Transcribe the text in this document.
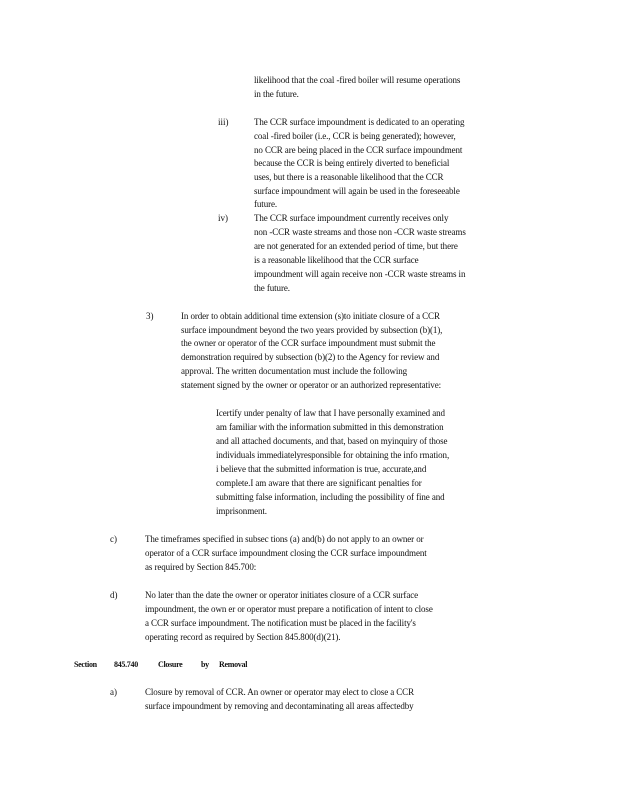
likelihood that the coal -fired boiler will resume operations
in the future.
iii)	The CCR surface impoundment is dedicated to an operating
coal -fired boiler (i.e., CCR is being generated); however,
no CCR are being placed in the CCR surface impoundment
because the CCR is being entirely diverted to beneficial
uses, but there is a reasonable likelihood that the CCR
surface impoundment will again be used in the foreseeable
future.
iv)	The CCR surface impoundment currently receives only
non -CCR waste streams and those non -CCR waste streams
are not generated for an extended period of time, but there
is a reasonable likelihood that the CCR surface
impoundment will again receive non -CCR waste streams in
the future.
3)	In order to obtain additional time extension (s)to initiate closure of a CCR
surface impoundment beyond the two years provided by subsection (b)(1),
the owner or operator of the CCR surface impoundment must submit the
demonstration required by subsection (b)(2) to the Agency for review and
approval. The written documentation must include the following
statement signed by the owner or operator or an authorized representative:
Icertify under penalty of law that I have personally examined and
am familiar with the information submitted in this demonstration
and all attached documents, and that, based on myinquiry of those
individuals immediatelyresponsible for obtaining the info rmation,
i believe that the submitted information is true, accurate,and
complete.I am aware that there are significant penalties for
submitting false information, including the possibility of fine and
imprisonment.
c)	The timeframes specified in subsec tions (a) and(b) do not apply to an owner or
operator of a CCR surface impoundment closing the CCR surface impoundment
as required by Section 845.700:
d)	No later than the date the owner or operator initiates closure of a CCR surface
impoundment, the own er or operator must prepare a notification of intent to close
a CCR surface impoundment. The notification must be placed in the facility's
operating record as required by Section 845.800(d)(21).
Section 845.740	Closure by Removal
a)	Closure by removal of CCR. An owner or operator may elect to close a CCR
surface impoundment by removing and decontaminating all areas affectedby
